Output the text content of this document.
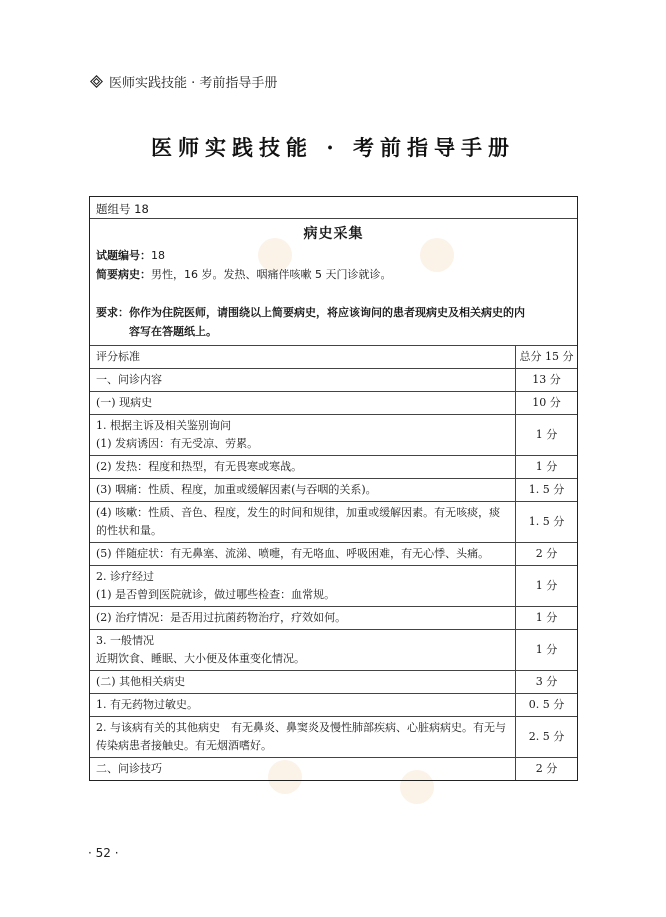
医师实践技能 · 考前指导手册
医师实践技能 · 考前指导手册
题组号 18
病史采集
试题编号：18
简要病史：男性，16 岁。发热、咽痛伴咳嗽 5 天门诊就诊。
要求：你作为住院医师，请围绕以上简要病史，将应该询问的患者现病史及相关病史的内
容写在答题纸上。
评分标准	总分 15 分
一、问诊内容	13 分
(一) 现病史	10 分
1. 根据主诉及相关鉴别询问
(1) 发病诱因：有无受凉、劳累。	1 分
(2) 发热：程度和热型，有无畏寒或寒战。	1 分
(3) 咽痛：性质、程度，加重或缓解因素(与吞咽的关系)。	1. 5 分
(4) 咳嗽：性质、音色、程度，发生的时间和规律，加重或缓解因素。有无咳痰，痰的性状和量。	1. 5 分
(5) 伴随症状：有无鼻塞、流涕、喷嚏，有无咯血、呼吸困难，有无心悸、头痛。	2 分
2. 诊疗经过
(1) 是否曾到医院就诊，做过哪些检查：血常规。	1 分
(2) 治疗情况：是否用过抗菌药物治疗，疗效如何。	1 分
3. 一般情况
近期饮食、睡眠、大小便及体重变化情况。	1 分
(二) 其他相关病史	3 分
1. 有无药物过敏史。	0. 5 分
2. 与该病有关的其他病史　有无鼻炎、鼻窦炎及慢性肺部疾病、心脏病病史。有无与传染病患者接触史。有无烟酒嗜好。	2. 5 分
二、问诊技巧	2 分
· 52 ·
